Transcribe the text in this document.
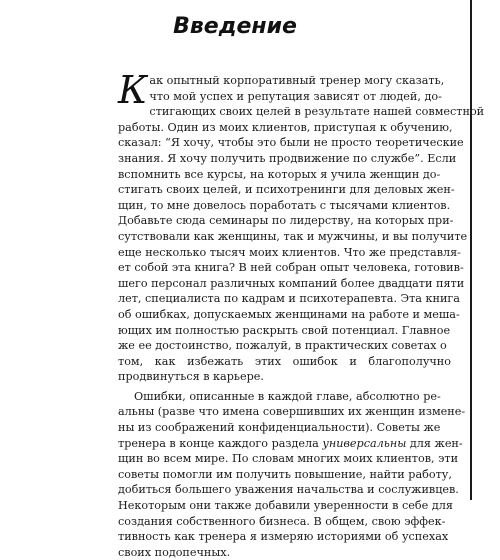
Введение

К ак опытный корпоративный тренер могу сказать,
что мой успех и репутация зависят от людей, до-
стигающих своих целей в результате нашей совместной
работы. Один из моих клиентов, приступая к обучению,
сказал: “Я хочу, чтобы это были не просто теоретические
знания. Я хочу получить продвижение по службе”. Если
вспомнить все курсы, на которых я учила женщин до-
стигать своих целей, и психотренинги для деловых жен-
щин, то мне довелось поработать с тысячами клиентов.
Добавьте сюда семинары по лидерству, на которых при-
сутствовали как женщины, так и мужчины, и вы получите
еще несколько тысяч моих клиентов. Что же представля-
ет собой эта книга? В ней собран опыт человека, готовив-
шего персонал различных компаний более двадцати пяти
лет, специалиста по кадрам и психотерапевта. Эта книга
об ошибках, допускаемых женщинами на работе и меша-
ющих им полностью раскрыть свой потенциал. Главное
же ее достоинство, пожалуй, в практических советах о
том, как избежать этих ошибок и благополучно продвинуться в карьере.

Ошибки, описанные в каждой главе, абсолютно ре-
альны (разве что имена совершивших их женщин измене-
ны из соображений конфиденциальности). Советы же
тренера в конце каждого раздела универсальны для жен-
щин во всем мире. По словам многих моих клиентов, эти
советы помогли им получить повышение, найти работу,
добиться большего уважения начальства и сослуживцев.
Некоторым они также добавили уверенности в себе для
создания собственного бизнеса. В общем, свою эффек-
тивность как тренера я измеряю историями об успехах
своих подопечных.
